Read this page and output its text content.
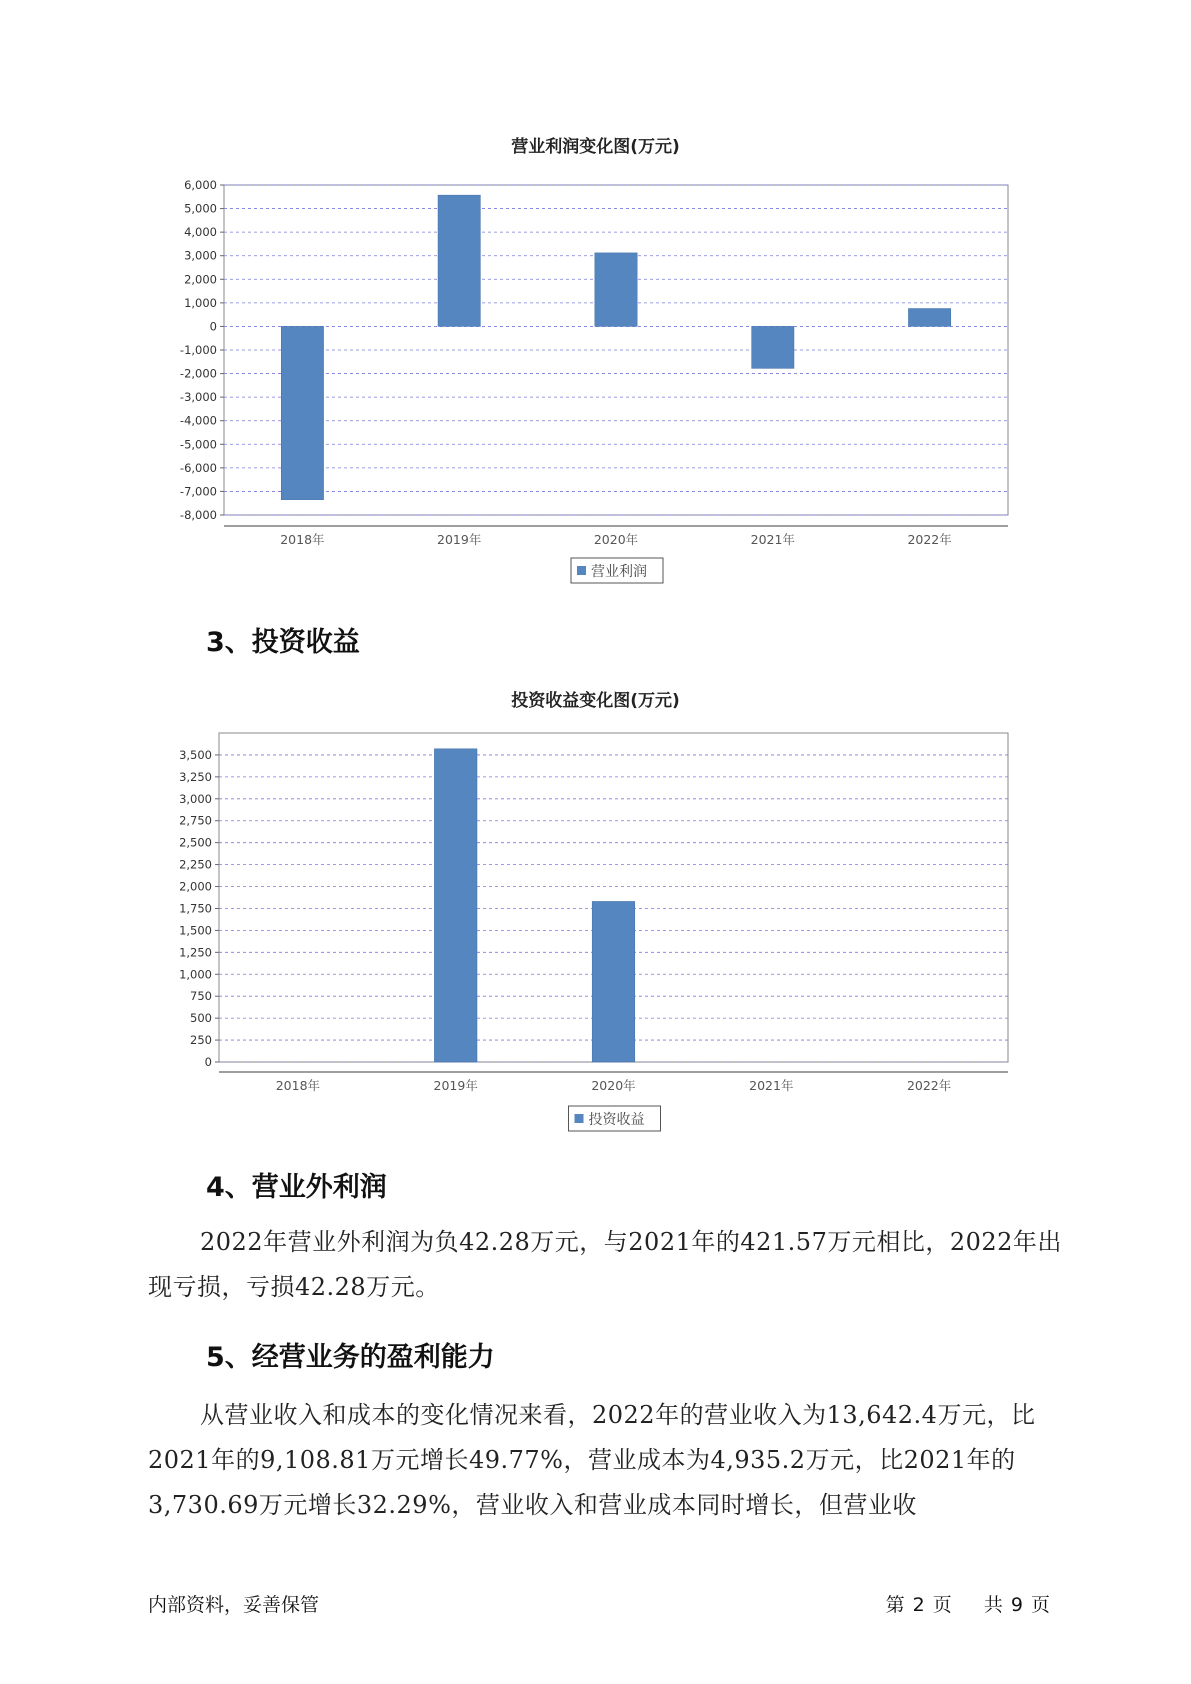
营业利润变化图(万元)
6,000
5,000
4,000
3,000
2,000
1,000
0
-1,000
-2,000
-3,000
-4,000
-5,000
-6,000
-7,000
-8,000
2018年	2019年	2020年	2021年	2022年
营业利润
3、投资收益
投资收益变化图(万元)
3,500
3,250
3,000
2,750
2,500
2,250
2,000
1,750
1,500
1,250
1,000
750
500
250
0
2018年	2019年	2020年	2021年	2022年
投资收益
4、营业外利润
2022年营业外利润为负42.28万元，与2021年的421.57万元相比，2022年出现亏损，亏损42.28万元。
5、经营业务的盈利能力
从营业收入和成本的变化情况来看，2022年的营业收入为13,642.4万元，比2021年的9,108.81万元增长49.77%，营业成本为4,935.2万元，比2021年的3,730.69万元增长32.29%，营业收入和营业成本同时增长，但营业收
内部资料，妥善保管	第 2 页 共 9 页
